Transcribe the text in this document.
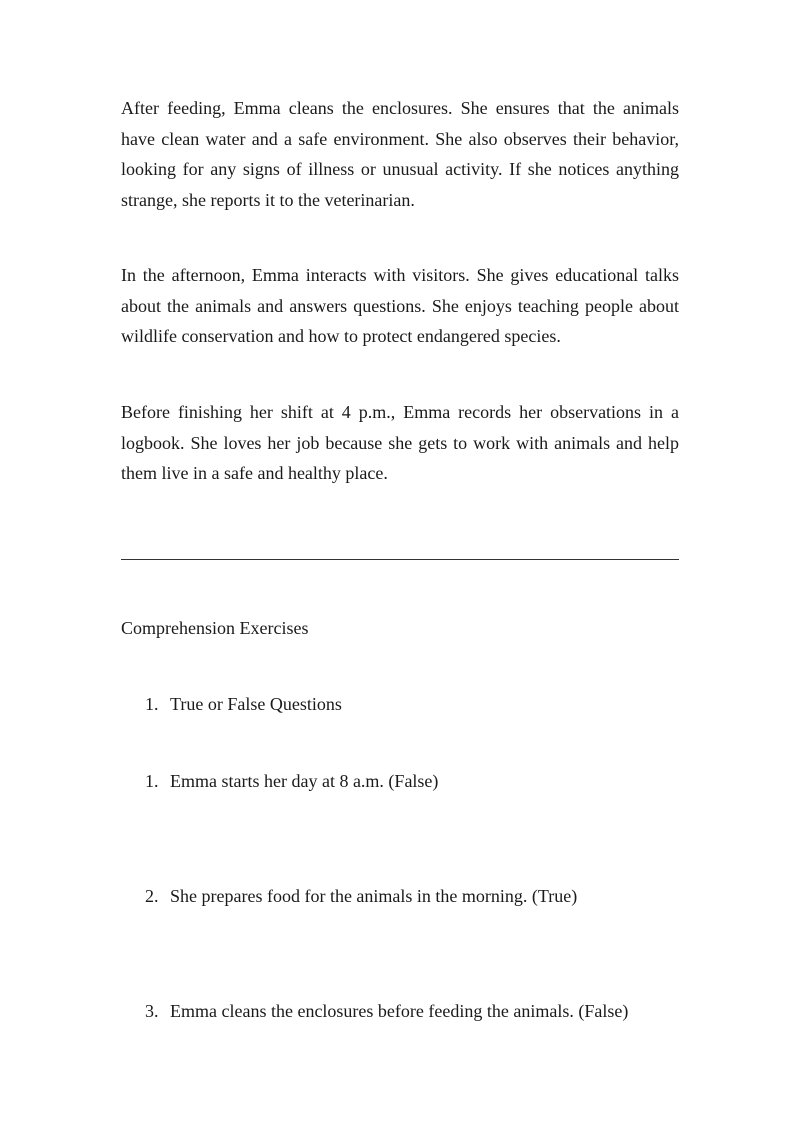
After feeding, Emma cleans the enclosures. She ensures that the animals have clean water and a safe environment. She also observes their behavior, looking for any signs of illness or unusual activity. If she notices anything strange, she reports it to the veterinarian.

In the afternoon, Emma interacts with visitors. She gives educational talks about the animals and answers questions. She enjoys teaching people about wildlife conservation and how to protect endangered species.

Before finishing her shift at 4 p.m., Emma records her observations in a logbook. She loves her job because she gets to work with animals and help them live in a safe and healthy place.

Comprehension Exercises

1. True or False Questions

1. Emma starts her day at 8 a.m. (False)

2. She prepares food for the animals in the morning. (True)

3. Emma cleans the enclosures before feeding the animals. (False)
